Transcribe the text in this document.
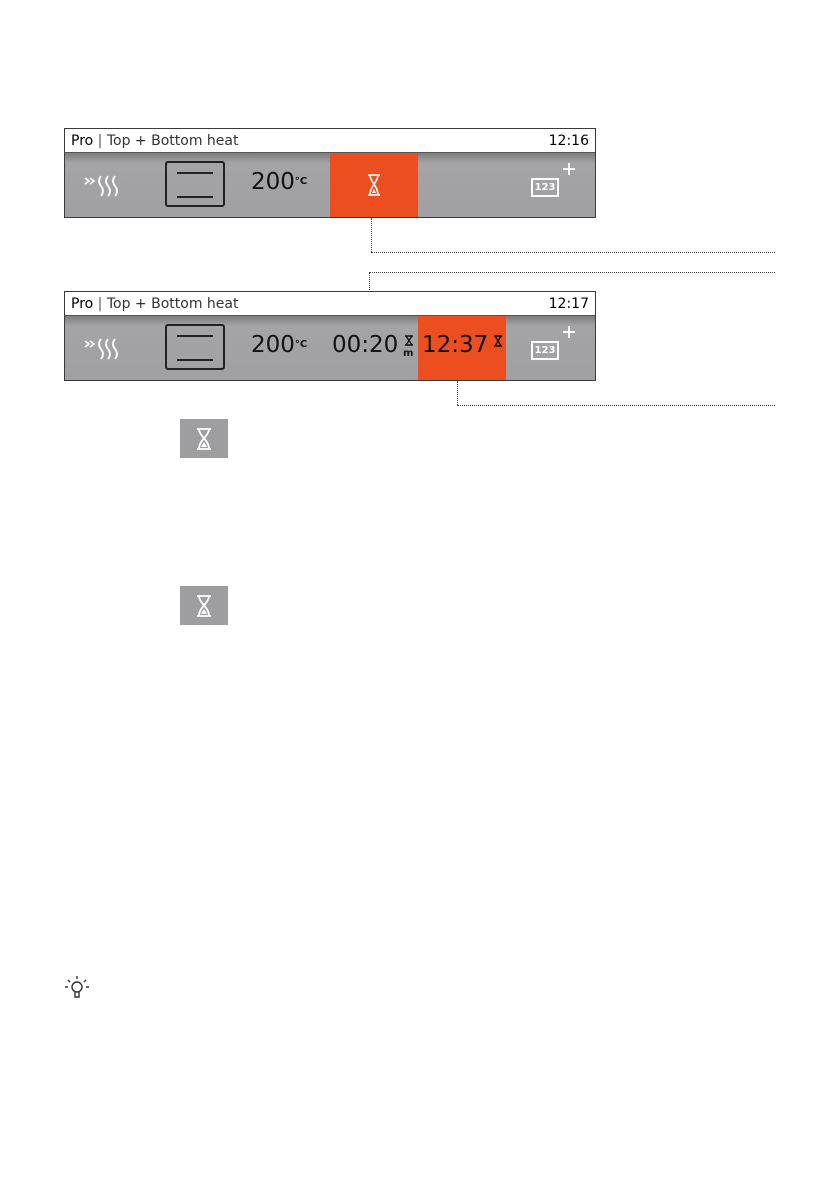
Pro | Top + Bottom heat	12:16
$200^{^\circ C}$
123
Pro | Top + Bottom heat	12:17
$200^{^\circ C}$ 00:20 m 12:37	123
